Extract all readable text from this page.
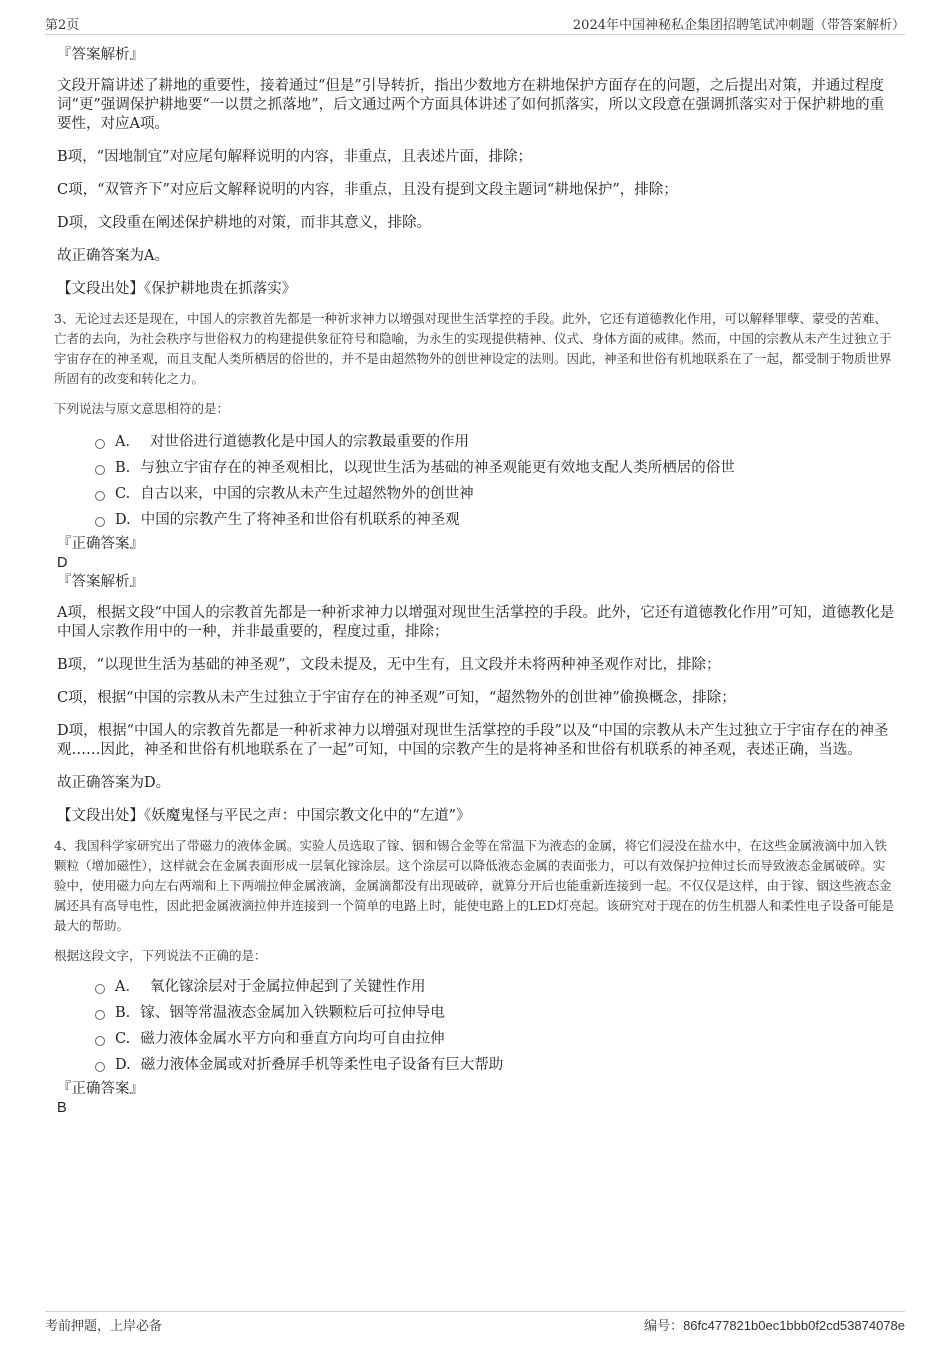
第2页	2024年中国神秘私企集团招聘笔试冲刺题（带答案解析）

『答案解析』

文段开篇讲述了耕地的重要性，接着通过“但是”引导转折，指出少数地方在耕地保护方面存在的问题，之后提出对策，并通过程度词“更”强调保护耕地要“一以贯之抓落地”，后文通过两个方面具体讲述了如何抓落实，所以文段意在强调抓落实对于保护耕地的重要性，对应A项。

B项，“因地制宜”对应尾句解释说明的内容，非重点，且表述片面，排除；

C项，“双管齐下”对应后文解释说明的内容，非重点，且没有提到文段主题词“耕地保护”，排除；

D项，文段重在阐述保护耕地的对策，而非其意义，排除。

故正确答案为A。

【文段出处】《保护耕地贵在抓落实》

3、无论过去还是现在，中国人的宗教首先都是一种祈求神力以增强对现世生活掌控的手段。此外，它还有道德教化作用，可以解释罪孽、蒙受的苦难、亡者的去向，为社会秩序与世俗权力的构建提供象征符号和隐喻，为永生的实现提供精神、仪式、身体方面的戒律。然而，中国的宗教从未产生过独立于宇宙存在的神圣观，而且支配人类所栖居的俗世的，并不是由超然物外的创世神设定的法则。因此，神圣和世俗有机地联系在了一起，都受制于物质世界所固有的改变和转化之力。

下列说法与原文意思相符的是：

A． 对世俗进行道德教化是中国人的宗教最重要的作用
B. 与独立宇宙存在的神圣观相比，以现世生活为基础的神圣观能更有效地支配人类所栖居的俗世
C. 自古以来，中国的宗教从未产生过超然物外的创世神
D. 中国的宗教产生了将神圣和世俗有机联系的神圣观

『正确答案』

D

『答案解析』

A项，根据文段“中国人的宗教首先都是一种祈求神力以增强对现世生活掌控的手段。此外，它还有道德教化作用”可知，道德教化是中国人宗教作用中的一种，并非最重要的，程度过重，排除；

B项，“以现世生活为基础的神圣观”，文段未提及，无中生有，且文段并未将两种神圣观作对比，排除；

C项，根据“中国的宗教从未产生过独立于宇宙存在的神圣观”可知，“超然物外的创世神”偷换概念，排除；

D项，根据“中国人的宗教首先都是一种祈求神力以增强对现世生活掌控的手段”以及“中国的宗教从未产生过独立于宇宙存在的神圣观……因此，神圣和世俗有机地联系在了一起”可知，中国的宗教产生的是将神圣和世俗有机联系的神圣观，表述正确，当选。

故正确答案为D。

【文段出处】《妖魔鬼怪与平民之声：中国宗教文化中的“左道”》

4、我国科学家研究出了带磁力的液体金属。实验人员选取了镓、铟和锡合金等在常温下为液态的金属，将它们浸没在盐水中，在这些金属液滴中加入铁颗粒（增加磁性），这样就会在金属表面形成一层氧化镓涂层。这个涂层可以降低液态金属的表面张力，可以有效保护拉伸过长而导致液态金属破碎。实验中，使用磁力向左右两端和上下两端拉伸金属液滴，金属滴都没有出现破碎，就算分开后也能重新连接到一起。不仅仅是这样，由于镓、铟这些液态金属还具有高导电性，因此把金属液滴拉伸并连接到一个简单的电路上时，能使电路上的LED灯亮起。该研究对于现在的仿生机器人和柔性电子设备可能是最大的帮助。

根据这段文字，下列说法不正确的是：

A． 氧化镓涂层对于金属拉伸起到了关键性作用
B. 镓、铟等常温液态金属加入铁颗粒后可拉伸导电
C. 磁力液体金属水平方向和垂直方向均可自由拉伸
D. 磁力液体金属或对折叠屏手机等柔性电子设备有巨大帮助

『正确答案』

B

考前押题，上岸必备	编号：86fc477821b0ec1bbb0f2cd53874078e
